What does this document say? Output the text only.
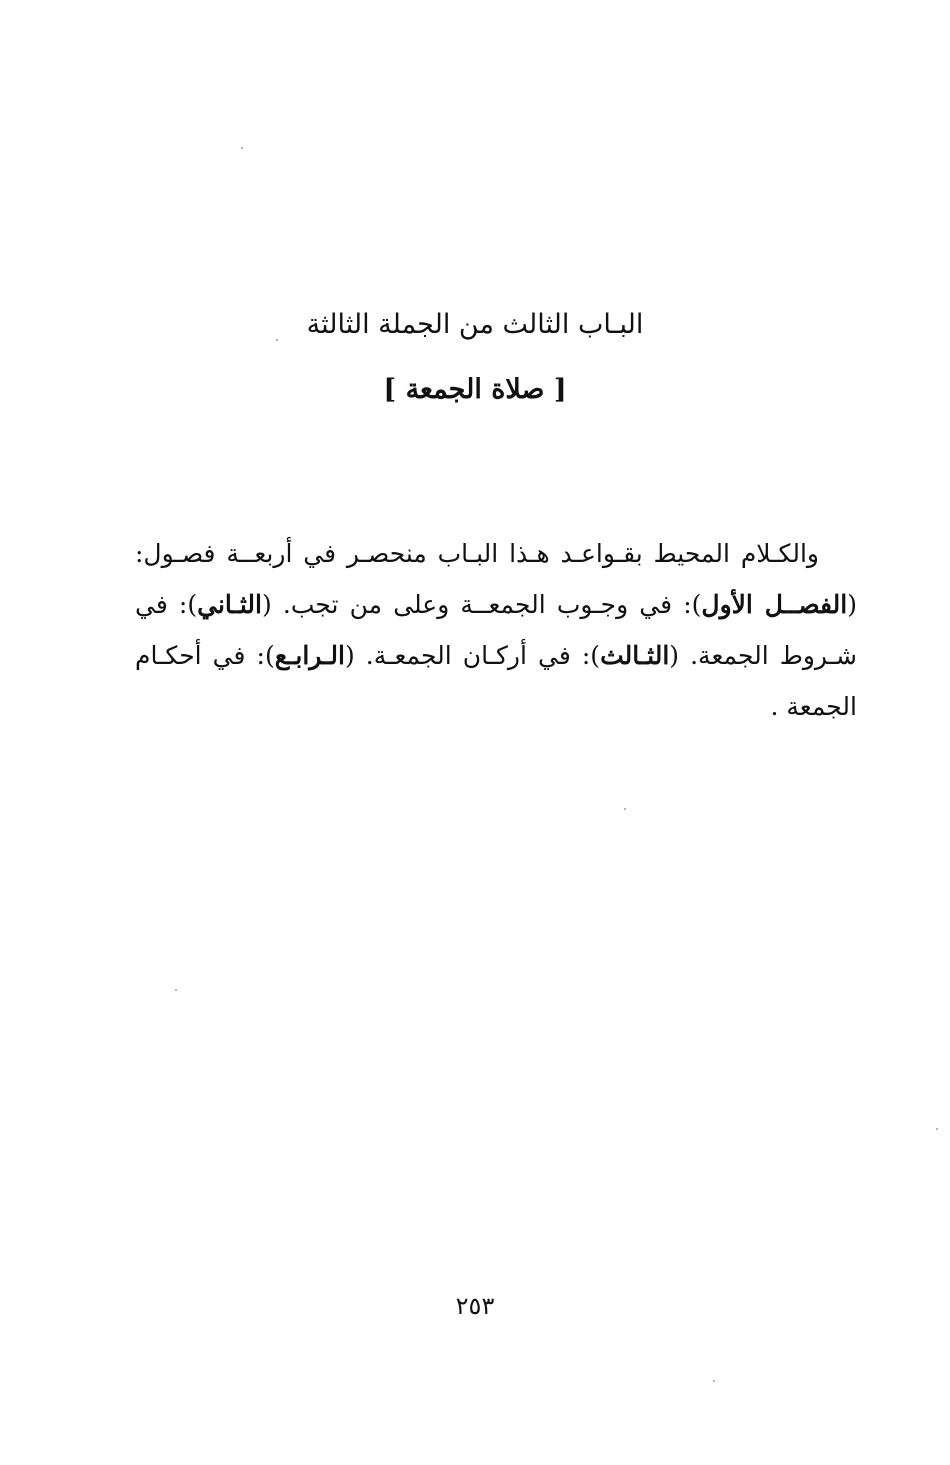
البـاب الثالث من الجملة الثالثة
[ صلاة الجمعة ]

والكـلام المحيط بقـواعـد هـذا البـاب منحصـر في أربعــة فصـول: (الفصــل الأول): في وجـوب الجمعــة وعلى من تجب. (الثـاني): في شـروط الجمعة. (الثـالث): في أركـان الجمعـة. (الـرابـع): في أحكـام الجمعة .

٢٥٣
